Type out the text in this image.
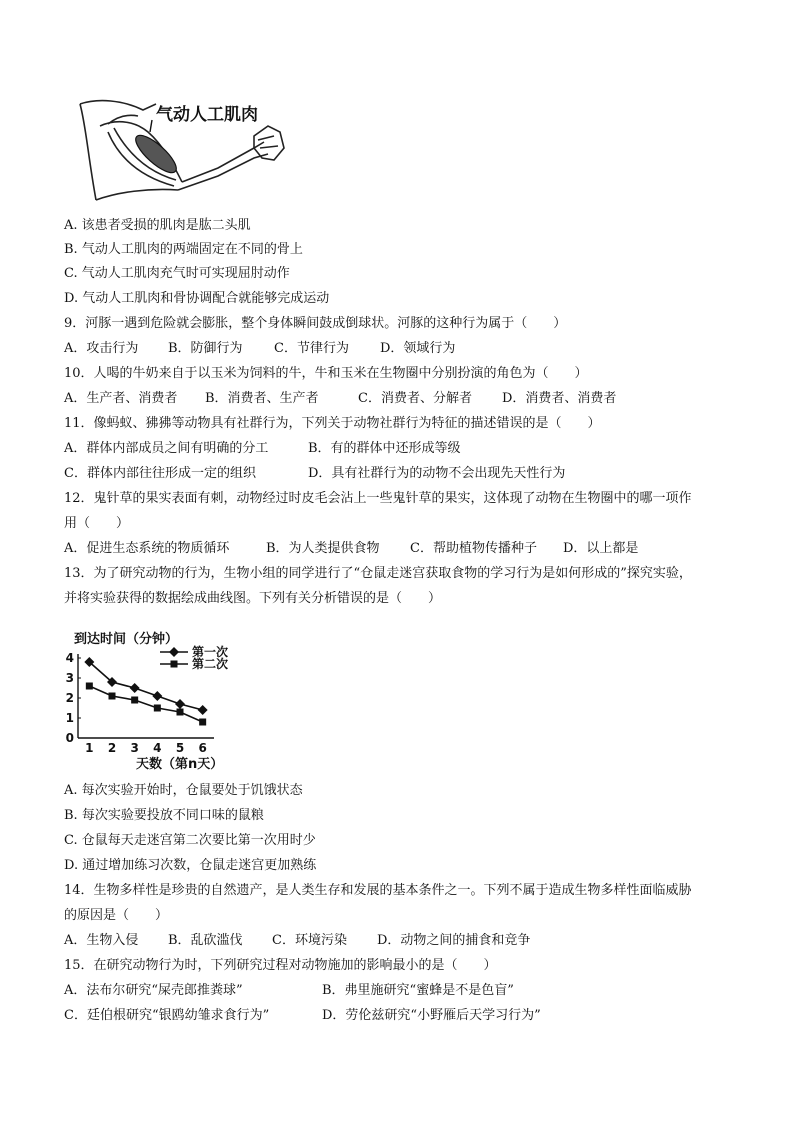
气动人工肌肉
A. 该患者受损的肌肉是肱二头肌
B. 气动人工肌肉的两端固定在不同的骨上
C. 气动人工肌肉充气时可实现屈肘动作
D. 气动人工肌肉和骨协调配合就能够完成运动
9．河豚一遇到危险就会膨胀，整个身体瞬间鼓成倒球状。河豚的这种行为属于（　　）
A．攻击行为 B．防御行为 C．节律行为 D．领域行为
10．人喝的牛奶来自于以玉米为饲料的牛，牛和玉米在生物圈中分别扮演的角色为（　　）
A．生产者、消费者 B．消费者、生产者	C．消费者、分解者 D．消费者、消费者
11．像蚂蚁、狒狒等动物具有社群行为，下列关于动物社群行为特征的描述错误的是（　　）
A．群体内部成员之间有明确的分工	B．有的群体中还形成等级
C．群体内部往往形成一定的组织	D．具有社群行为的动物不会出现先天性行为
12．鬼针草的果实表面有刺，动物经过时皮毛会沾上一些鬼针草的果实，这体现了动物在生物圈中的哪一项作
用（　　）
A．促进生态系统的物质循环	B．为人类提供食物 C．帮助植物传播种子 D．以上都是
13．为了研究动物的行为，生物小组的同学进行了“仓鼠走迷宫获取食物的学习行为是如何形成的”探究实验，
并将实验获得的数据绘成曲线图。下列有关分析错误的是（　　）
到达时间（分钟）
0
1
2
3
4
1 2 3 4 5 6
天数（第n天）
第一次
第二次
A. 每次实验开始时，仓鼠要处于饥饿状态
B. 每次实验要投放不同口味的鼠粮
C. 仓鼠每天走迷宫第二次要比第一次用时少
D. 通过增加练习次数，仓鼠走迷宫更加熟练
14．生物多样性是珍贵的自然遗产，是人类生存和发展的基本条件之一。下列不属于造成生物多样性面临威胁
的原因是（　　）
A．生物入侵 B．乱砍滥伐 C．环境污染 D．动物之间的捕食和竞争
15．在研究动物行为时，下列研究过程对动物施加的影响最小的是（　　）
A．法布尔研究“屎壳郎推粪球”	B．弗里施研究“蜜蜂是不是色盲”
C．廷伯根研究“银鸥幼雏求食行为”	D．劳伦兹研究“小野雁后天学习行为”
